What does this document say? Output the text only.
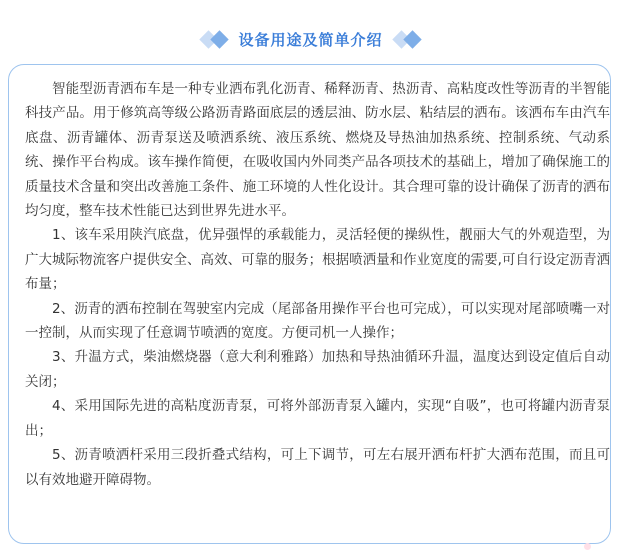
设备用途及简单介绍

智能型沥青洒布车是一种专业洒布乳化沥青、稀释沥青、热沥青、高粘度改性等沥青的半智能科技产品。用于修筑高等级公路沥青路面底层的透层油、防水层、粘结层的洒布。该洒布车由汽车底盘、沥青罐体、沥青泵送及喷洒系统、液压系统、燃烧及导热油加热系统、控制系统、气动系统、操作平台构成。该车操作简便，在吸收国内外同类产品各项技术的基础上，增加了确保施工的质量技术含量和突出改善施工条件、施工环境的人性化设计。其合理可靠的设计确保了沥青的洒布均匀度，整车技术性能已达到世界先进水平。

1、该车采用陕汽底盘，优异强悍的承载能力，灵活轻便的操纵性，靓丽大气的外观造型，为广大城际物流客户提供安全、高效、可靠的服务；根据喷洒量和作业宽度的需要,可自行设定沥青洒布量；

2、沥青的洒布控制在驾驶室内完成（尾部备用操作平台也可完成），可以实现对尾部喷嘴一对一控制，从而实现了任意调节喷洒的宽度。方便司机一人操作；

3、升温方式，柴油燃烧器（意大利利雅路）加热和导热油循环升温，温度达到设定值后自动关闭；

4、采用国际先进的高粘度沥青泵，可将外部沥青泵入罐内，实现“自吸”，也可将罐内沥青泵出；

5、沥青喷洒杆采用三段折叠式结构，可上下调节，可左右展开洒布杆扩大洒布范围，而且可以有效地避开障碍物。
